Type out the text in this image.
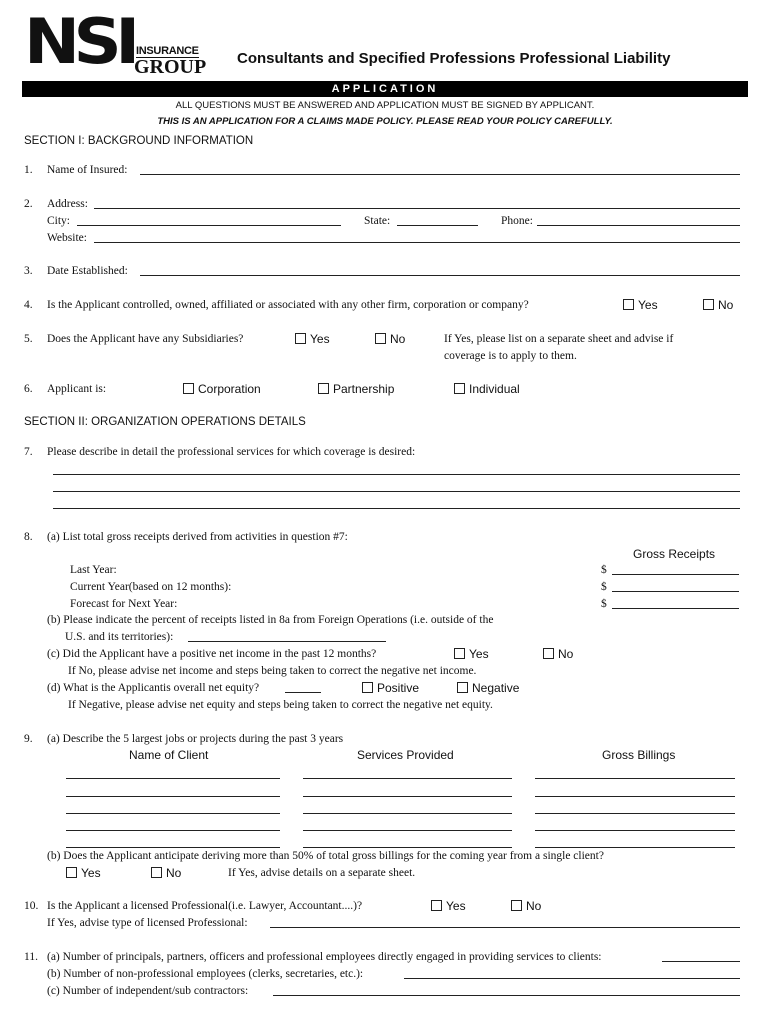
NSI INSURANCE
GROUP Consultants and Specified Professions Professional Liability
APPLICATION
ALL QUESTIONS MUST BE ANSWERED AND APPLICATION MUST BE SIGNED BY APPLICANT.
THIS IS AN APPLICATION FOR A CLAIMS MADE POLICY. PLEASE READ YOUR POLICY CAREFULLY.
SECTION I: BACKGROUND INFORMATION
1. Name of Insured:
2. Address:
City:	State:	Phone:
Website:
3. Date Established:
4. Is the Applicant controlled, owned, affiliated or associated with any other firm, corporation or company?	Yes	No
5. Does the Applicant have any Subsidiaries?	Yes	No	If Yes, please list on a separate sheet and advise if
coverage is to apply to them.
6. Applicant is:	Corporation	Partnership	Individual
SECTION II: ORGANIZATION OPERATIONS DETAILS
7. Please describe in detail the professional services for which coverage is desired:
8. (a) List total gross receipts derived from activities in question #7:
Gross Receipts
Last Year:	$
Current Year(based on 12 months):	$
Forecast for Next Year:	$
(b) Please indicate the percent of receipts listed in 8a from Foreign Operations (i.e. outside of the
U.S. and its territories):
(c) Did the Applicant have a positive net income in the past 12 months?	Yes	No
If No, please advise net income and steps being taken to correct the negative net income.
(d) What is the Applicantis overall net equity?	Positive	Negative
If Negative, please advise net equity and steps being taken to correct the negative net equity.
9. (a) Describe the 5 largest jobs or projects during the past 3 years
Name of Client	Services Provided	Gross Billings
(b) Does the Applicant anticipate deriving more than 50% of total gross billings for the coming year from a single client?
Yes	No	If Yes, advise details on a separate sheet.
10. Is the Applicant a licensed Professional(i.e. Lawyer, Accountant....)?	Yes	No
If Yes, advise type of licensed Professional:
11. (a) Number of principals, partners, officers and professional employees directly engaged in providing services to clients:
(b) Number of non-professional employees (clerks, secretaries, etc.):
(c) Number of independent/sub contractors:
